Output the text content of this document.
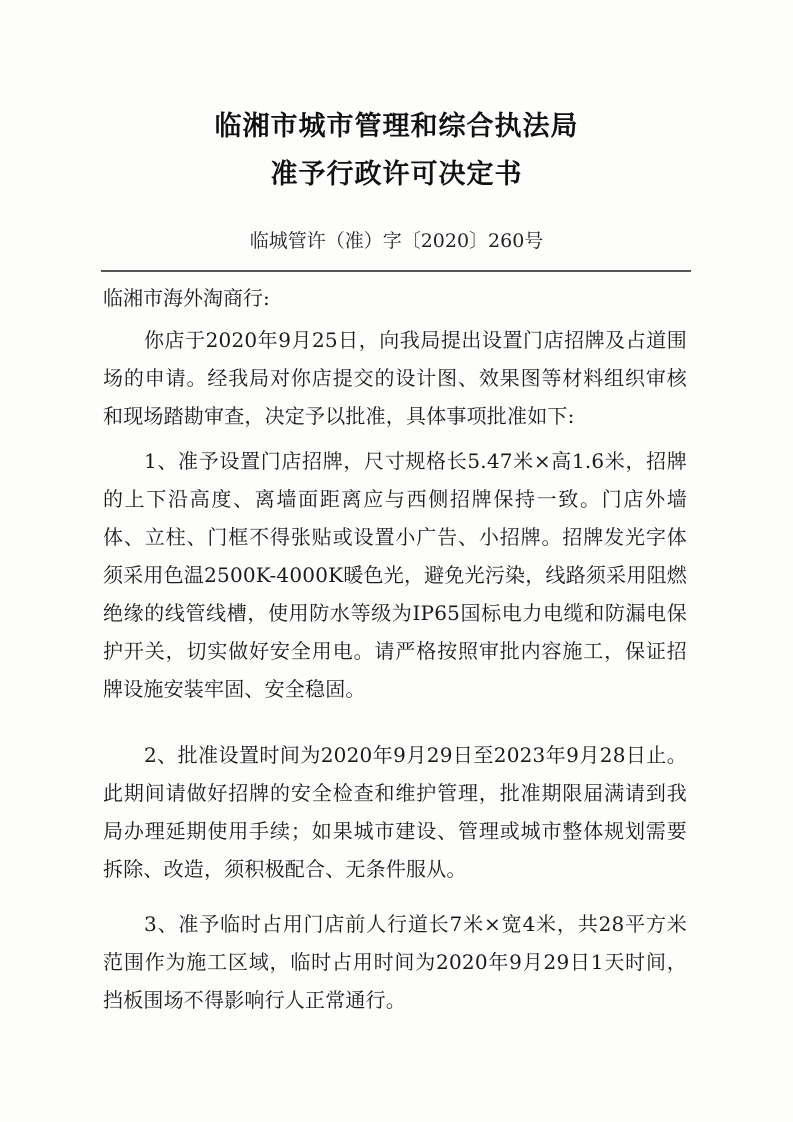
临湘市城市管理和综合执法局
准予行政许可决定书
临城管许（准）字〔2020〕260号
临湘市海外淘商行:
你店于2020年9月25日，向我局提出设置门店招牌及占道围场的申请。经我局对你店提交的设计图、效果图等材料组织审核和现场踏勘审查，决定予以批准，具体事项批准如下:
1、准予设置门店招牌，尺寸规格长5.47米×高1.6米，招牌的上下沿高度、离墙面距离应与西侧招牌保持一致。门店外墙体、立柱、门框不得张贴或设置小广告、小招牌。招牌发光字体须采用色温2500K-4000K暖色光，避免光污染，线路须采用阻燃绝缘的线管线槽，使用防水等级为IP65国标电力电缆和防漏电保护开关，切实做好安全用电。请严格按照审批内容施工，保证招牌设施安装牢固、安全稳固。
2、批准设置时间为2020年9月29日至2023年9月28日止。此期间请做好招牌的安全检查和维护管理，批准期限届满请到我局办理延期使用手续；如果城市建设、管理或城市整体规划需要拆除、改造，须积极配合、无条件服从。
3、准予临时占用门店前人行道长7米×宽4米，共28平方米范围作为施工区域，临时占用时间为2020年9月29日1天时间，挡板围场不得影响行人正常通行。
